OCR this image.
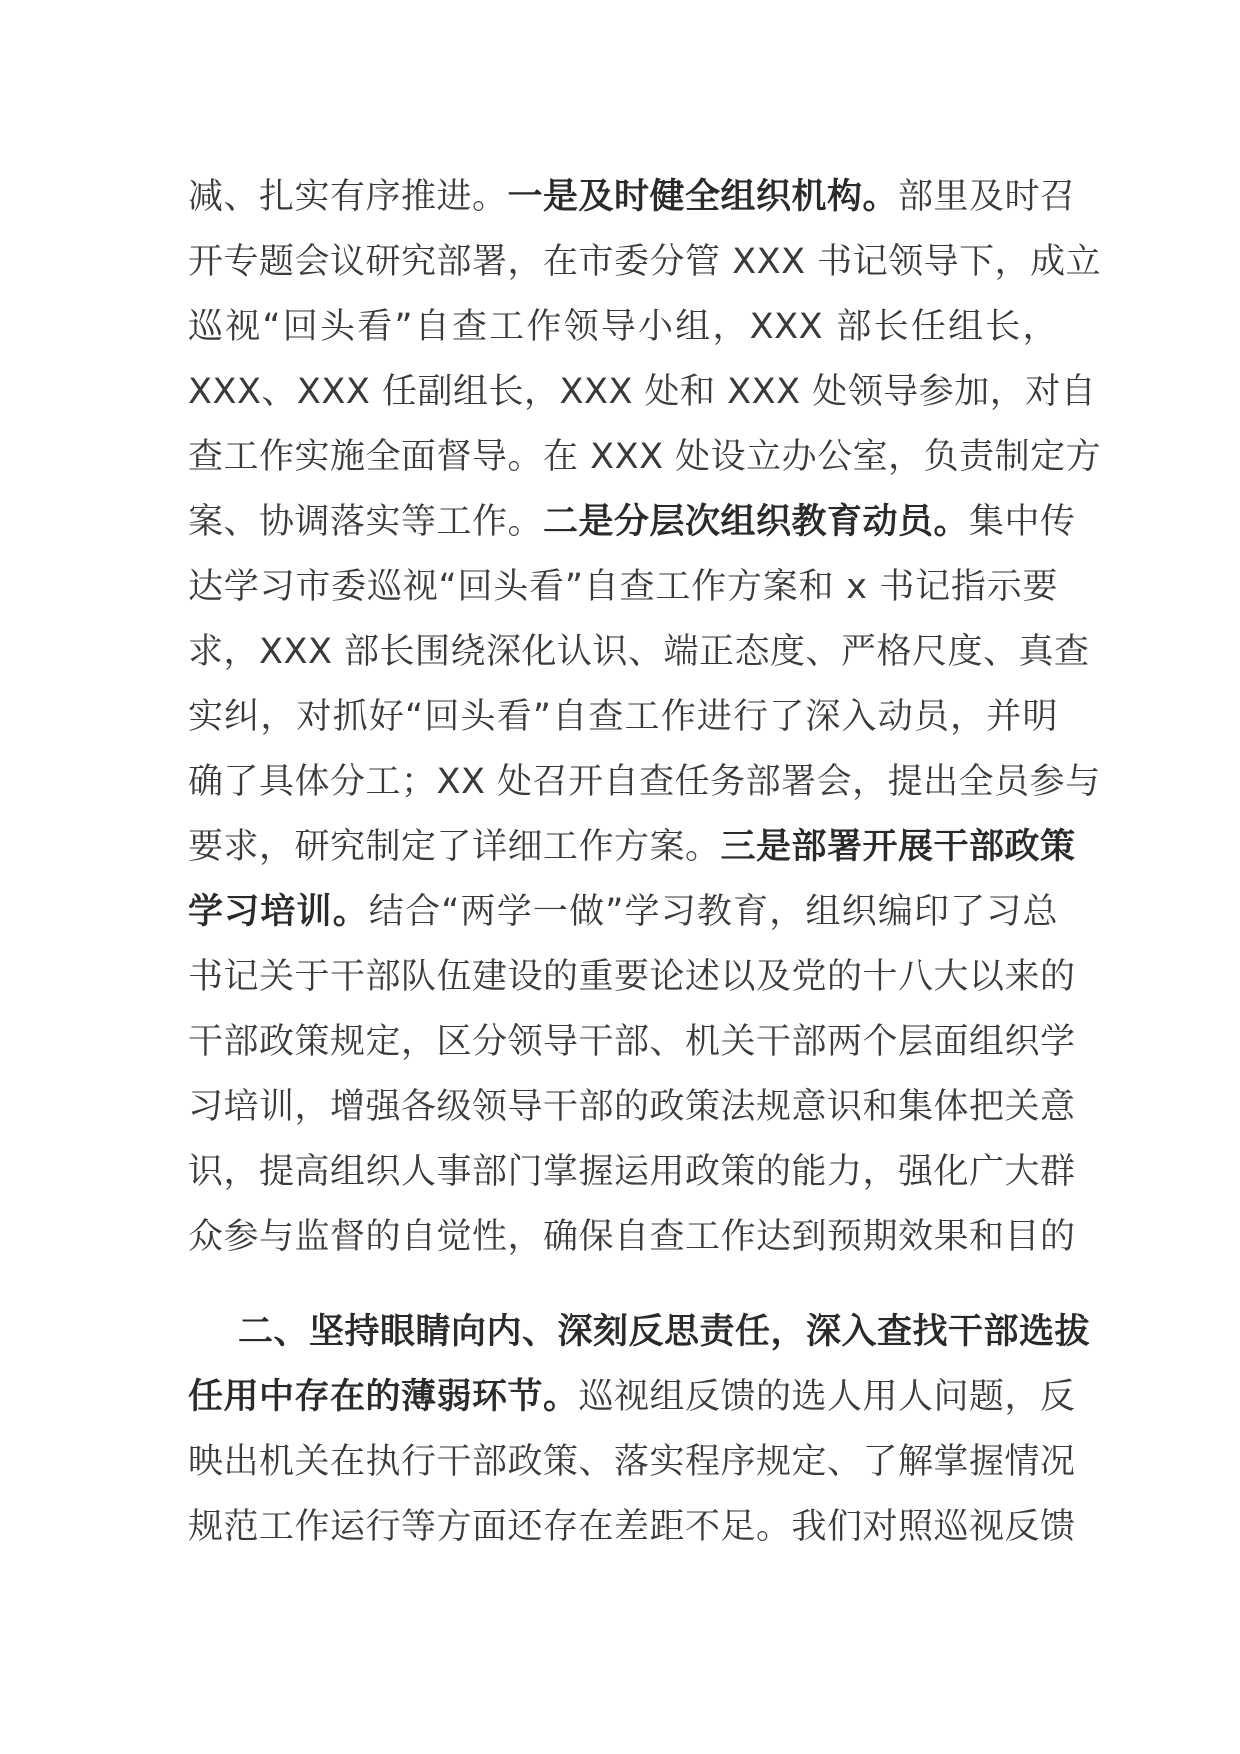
减、扎实有序推进。一是及时健全组织机构。部里及时召
开专题会议研究部署，在市委分管 XXX 书记领导下，成立
巡视“回头看”自查工作领导小组，XXX 部长任组长，
XXX、XXX 任副组长，XXX 处和 XXX 处领导参加，对自
查工作实施全面督导。在 XXX 处设立办公室，负责制定方
案、协调落实等工作。二是分层次组织教育动员。集中传
达学习市委巡视“回头看”自查工作方案和 x 书记指示要
求，XXX 部长围绕深化认识、端正态度、严格尺度、真查
实纠，对抓好“回头看”自查工作进行了深入动员，并明
确了具体分工；XX 处召开自查任务部署会，提出全员参与
要求，研究制定了详细工作方案。三是部署开展干部政策
学习培训。结合“两学一做”学习教育，组织编印了习总
书记关于干部队伍建设的重要论述以及党的十八大以来的
干部政策规定，区分领导干部、机关干部两个层面组织学
习培训，增强各级领导干部的政策法规意识和集体把关意
识，提高组织人事部门掌握运用政策的能力，强化广大群
众参与监督的自觉性，确保自查工作达到预期效果和目的
二、坚持眼睛向内、深刻反思责任，深入查找干部选拔
任用中存在的薄弱环节。巡视组反馈的选人用人问题，反
映出机关在执行干部政策、落实程序规定、了解掌握情况
规范工作运行等方面还存在差距不足。我们对照巡视反馈
